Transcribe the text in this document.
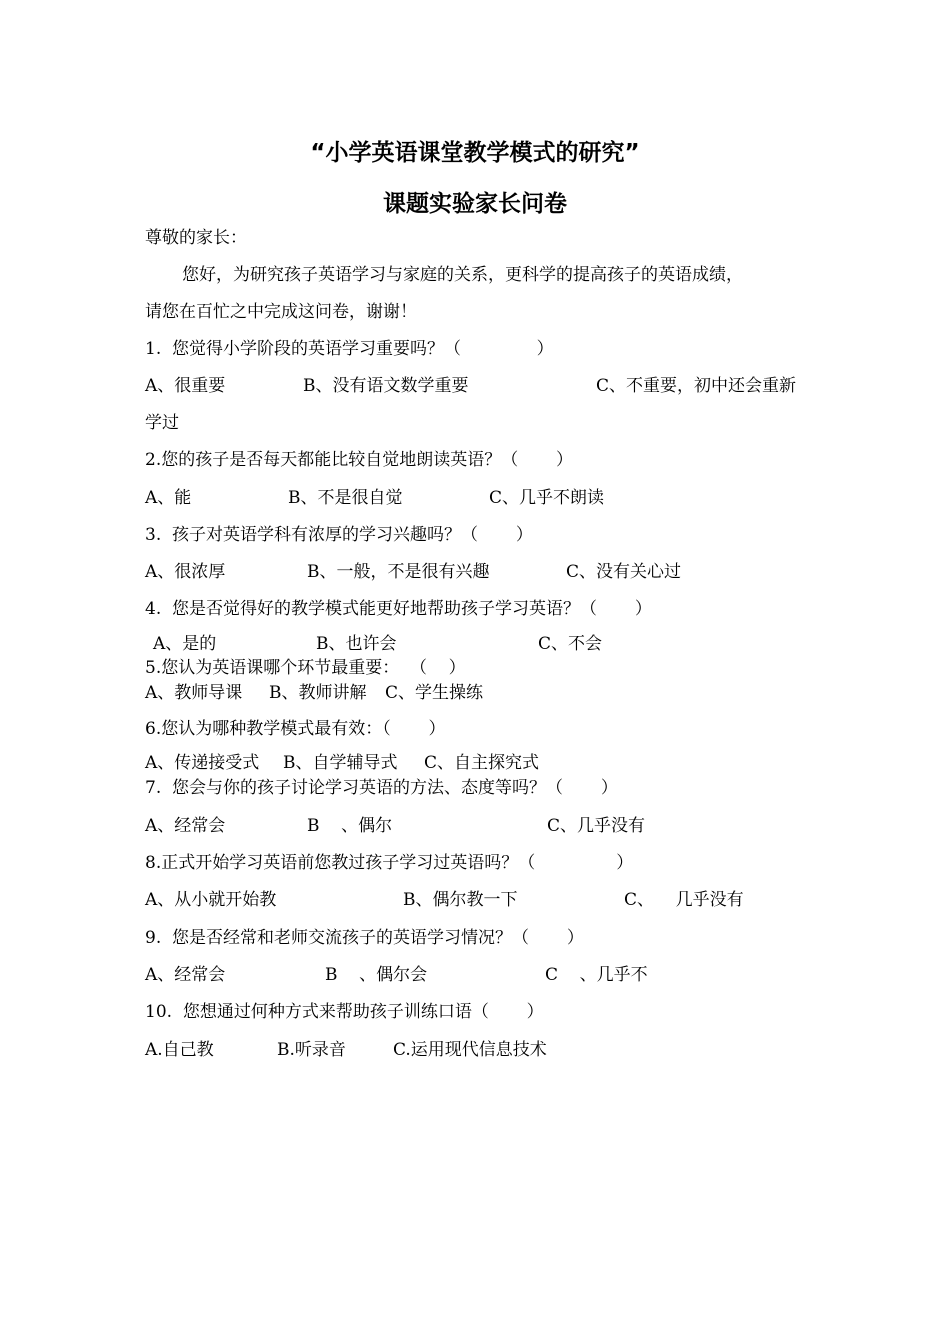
“小学英语课堂教学模式的研究”
课题实验家长问卷
尊敬的家长：
您好，为研究孩子英语学习与家庭的关系，更科学的提高孩子的英语成绩，
请您在百忙之中完成这问卷，谢谢！
1.  您觉得小学阶段的英语学习重要吗？（              ）
A、很重要	B、没有语文数学重要	C、不重要，初中还会重新
学过
2.您的孩子是否每天都能比较自觉地朗读英语？（       ）
A、能	B、不是很自觉	C、几乎不朗读
3.  孩子对英语学科有浓厚的学习兴趣吗？（       ）
A、很浓厚	B、一般，不是很有兴趣	C、没有关心过
4.  您是否觉得好的教学模式能更好地帮助孩子学习英语？（       ）
A、是的	B、也许会	C、不会
5.您认为英语课哪个环节最重要：  （    ）
A、教师导课 B、教师讲解 C、学生操练
6.您认为哪种教学模式最有效：（       ）
A、传递接受式 B、自学辅导式 C、自主探究式
7.  您会与你的孩子讨论学习英语的方法、态度等吗？（       ）
A、经常会	B    、偶尔	C、几乎没有
8.正式开始学习英语前您教过孩子学习过英语吗？（               ）
A、从小就开始教	B、偶尔教一下	C、    几乎没有
9.  您是否经常和老师交流孩子的英语学习情况？（       ）
A、经常会	B    、偶尔会	C    、几乎不
10.  您想通过何种方式来帮助孩子训练口语（       ）
A.自己教	B.听录音	C.运用现代信息技术
